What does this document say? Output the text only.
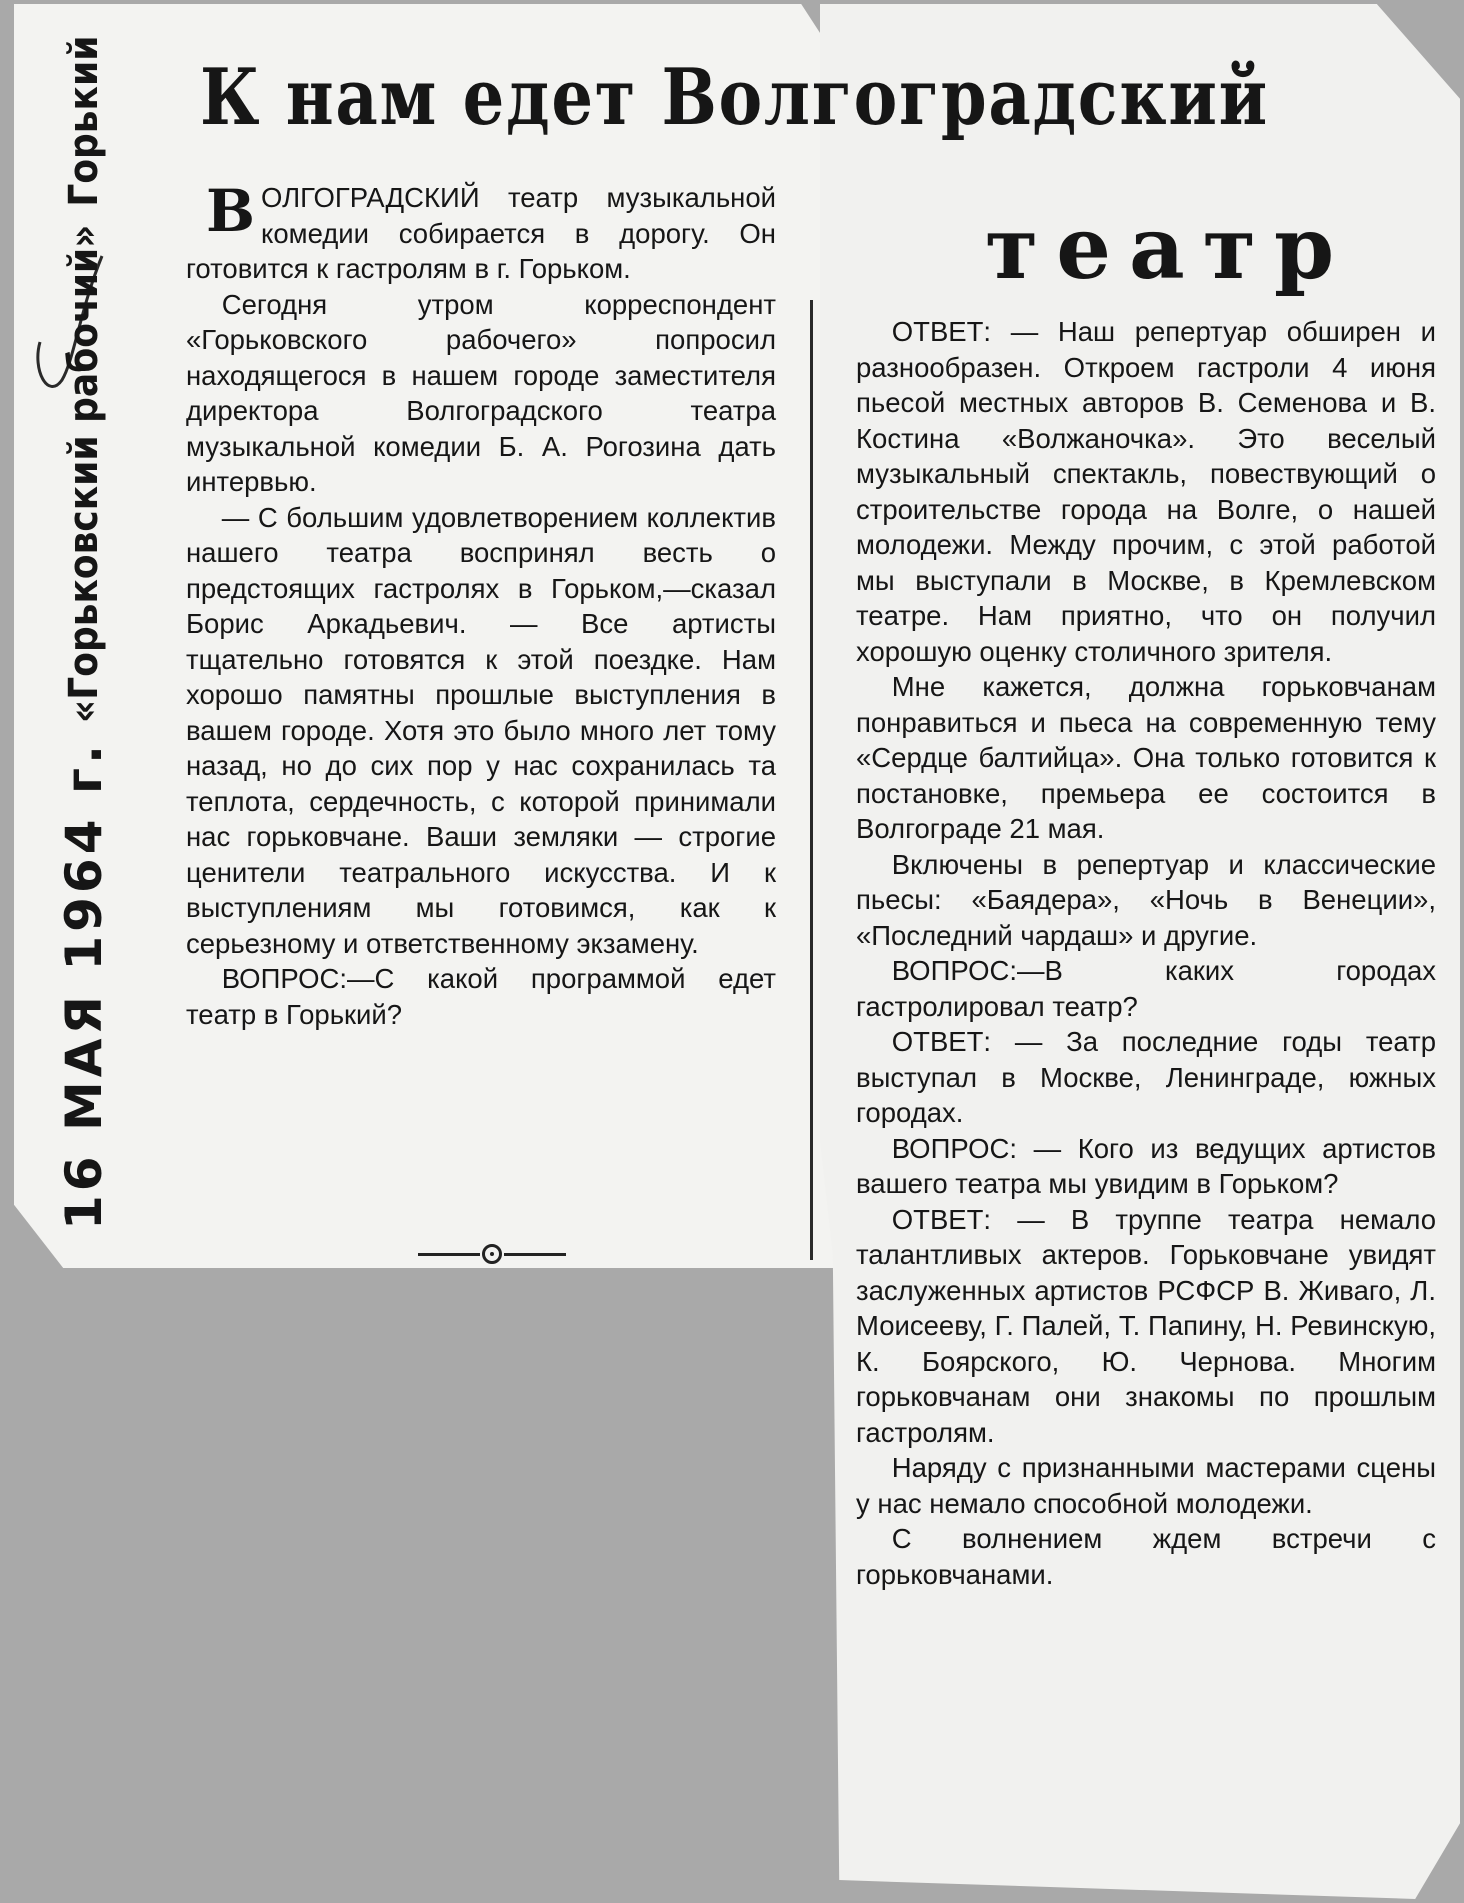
16 МАЯ 1964 г.
«Горьковский рабочий»
Горький К нам едет Волгоградский
театр

ВОЛГОГРАДСКИЙ театр музыкальной комедии собирается в дорогу. Он готовится к гастролям в г. Горьком.

Сегодня утром корреспондент «Горьковского рабочего» попросил находящегося в нашем городе заместителя директора Волгоградского театра музыкальной комедии Б. А. Рогозина дать интервью.

— С большим удовлетворением коллектив нашего театра воспринял весть о предстоящих гастролях в Горьком,—сказал Борис Аркадьевич. — Все артисты тщательно готовятся к этой поездке. Нам хорошо памятны прошлые выступления в вашем городе. Хотя это было много лет тому назад, но до сих пор у нас сохранилась та теплота, сердечность, с которой принимали нас горьковчане. Ваши земляки — строгие ценители театрального искусства. И к выступлениям мы готовимся, как к серьезному и ответственному экзамену.

ВОПРОС:—С какой программой едет театр в Горький?

ОТВЕТ: — Наш репертуар обширен и разнообразен. Откроем гастроли 4 июня пьесой местных авторов В. Семенова и В. Костина «Волжаночка». Это веселый музыкальный спектакль, повествующий о строительстве города на Волге, о нашей молодежи. Между прочим, с этой работой мы выступали в Москве, в Кремлевском театре. Нам приятно, что он получил хорошую оценку столичного зрителя.

Мне кажется, должна горьковчанам понравиться и пьеса на современную тему «Сердце балтийца». Она только готовится к постановке, премьера ее состоится в Волгограде 21 мая.

Включены в репертуар и классические пьесы: «Баядера», «Ночь в Венеции», «Последний чардаш» и другие.

ВОПРОС:—В каких городах гастролировал театр?

ОТВЕТ: — За последние годы театр выступал в Москве, Ленинграде, южных городах.

ВОПРОС: — Кого из ведущих артистов вашего театра мы увидим в Горьком?

ОТВЕТ: — В труппе театра немало талантливых актеров. Горьковчане увидят заслуженных артистов РСФСР В. Живаго, Л. Моисееву, Г. Палей, Т. Папину, Н. Ревинскую, К. Боярского, Ю. Чернова. Многим горьковчанам они знакомы по прошлым гастролям.

Наряду с признанными мастерами сцены у нас немало способной молодежи.

С волнением ждем встречи с горьковчанами.
